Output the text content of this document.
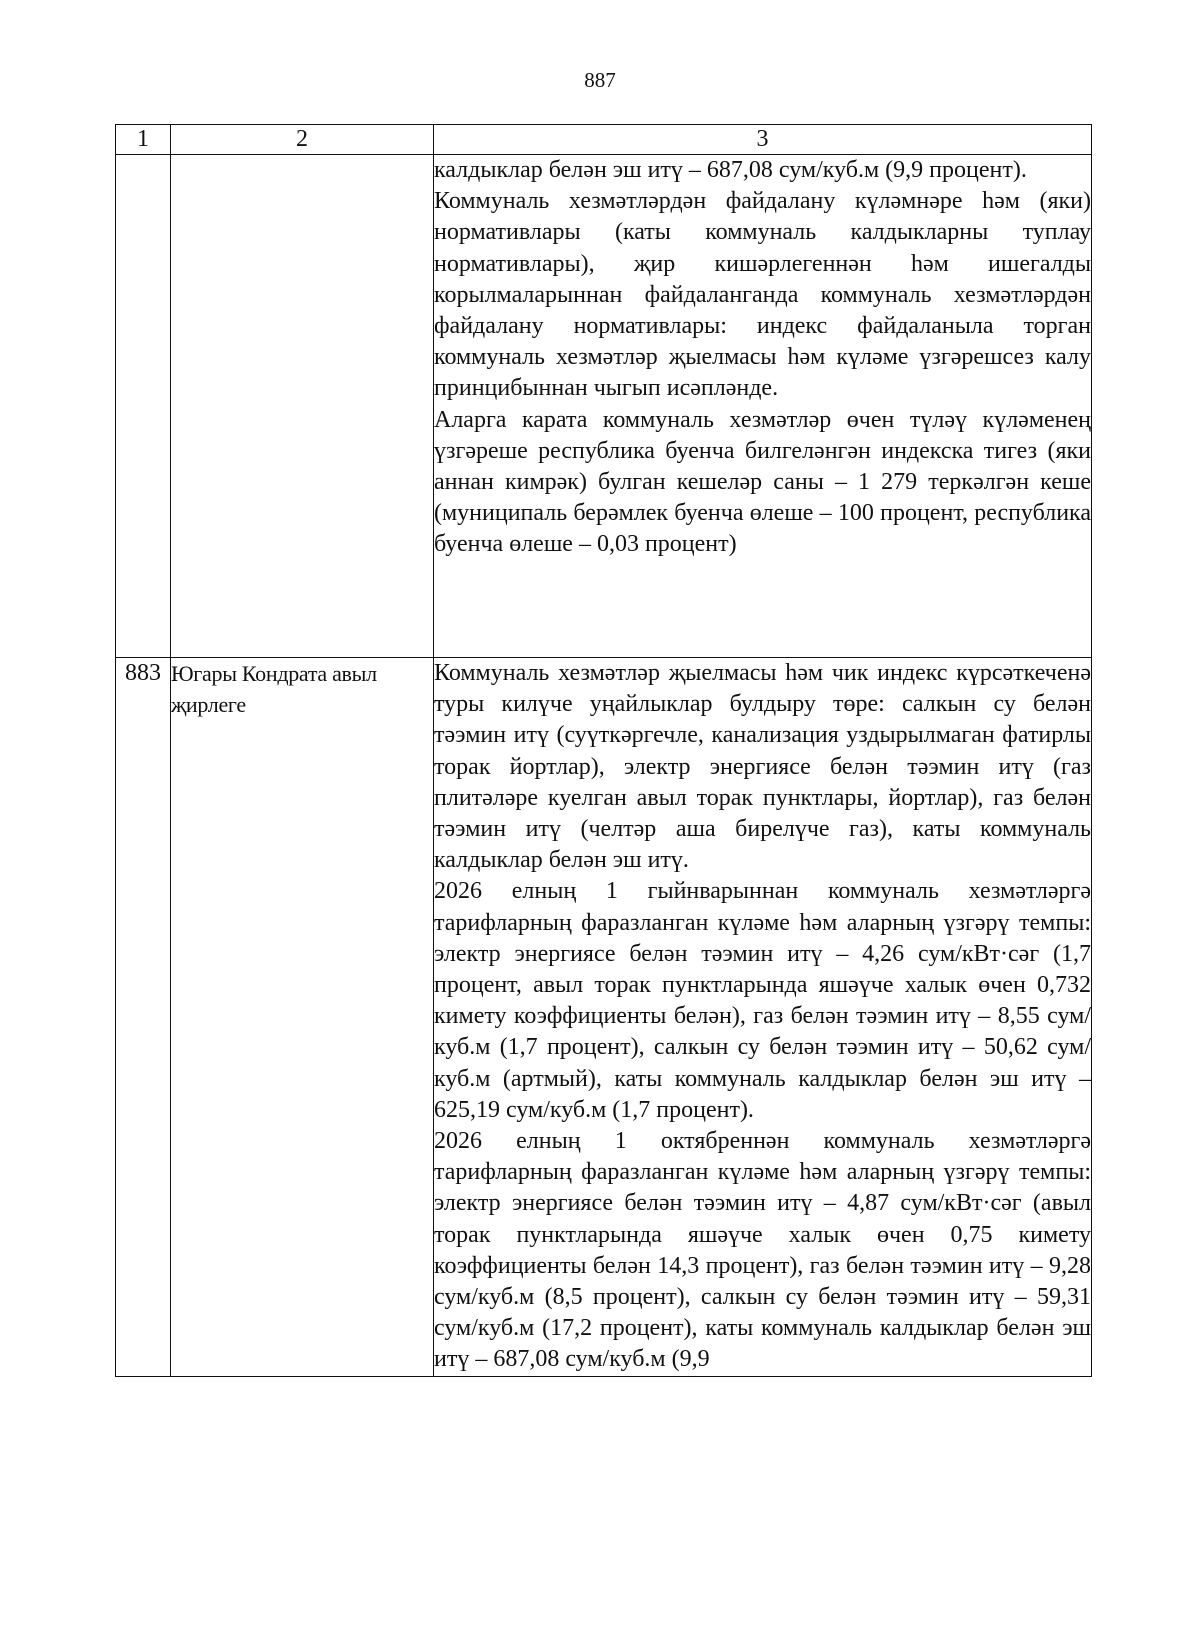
887
1	2	3

		калдыклар белән эш итү – 687,08 сум/куб.м (9,9 процент).
Коммуналь хезмәтләрдән файдалану күләмнәре һәм (яки) нормативлары (каты коммуналь калдыкларны туплау нормативлары), җир кишәрлегеннән һәм ишегалды корылмаларыннан файдаланганда коммуналь хезмәтләрдән файдалану нормативлары: индекс файдаланыла торган коммуналь хезмәтләр җыелмасы һәм күләме үзгәрешсез калу принцибыннан чыгып исәпләнде.
Аларга карата коммуналь хезмәтләр өчен түләү күләменең үзгәреше республика буенча билгеләнгән индекска тигез (яки аннан кимрәк) булган кешеләр саны – 1 279 теркәлгән кеше (муниципаль берәмлек буенча өлеше – 100 процент, республика буенча өлеше – 0,03 процент)

883	Югары Кондрата авыл җирлеге	Коммуналь хезмәтләр җыелмасы һәм чик индекс күрсәткеченә туры килүче уңайлыклар булдыру төре: салкын су белән тәэмин итү (суүткәргечле, канализация уздырылмаган фатирлы торак йортлар), электр энергиясе белән тәэмин итү (газ плитәләре куелган авыл торак пунктлары, йортлар), газ белән тәэмин итү (челтәр аша бирелүче газ), каты коммуналь калдыклар белән эш итү.
2026 елның 1 гыйнварыннан коммуналь хезмәтләргә тарифларның фаразланган күләме һәм аларның үзгәрү темпы: электр энергиясе белән тәэмин итү – 4,26 сум/кВт·сәг (1,7 процент, авыл торак пунктларында яшәүче халык өчен 0,732 кимету коэффициенты белән), газ белән тәэмин итү – 8,55 сум/куб.м (1,7 процент), салкын су белән тәэмин итү – 50,62 сум/куб.м (артмый), каты коммуналь калдыклар белән эш итү – 625,19 сум/куб.м (1,7 процент).
2026 елның 1 октябреннән коммуналь хезмәтләргә тарифларның фаразланган күләме һәм аларның үзгәрү темпы: электр энергиясе белән тәэмин итү – 4,87 сум/кВт·сәг (авыл торак пунктларында яшәүче халык өчен 0,75 кимету коэффициенты белән 14,3 процент), газ белән тәэмин итү – 9,28 сум/куб.м (8,5 процент), салкын су белән тәэмин итү – 59,31 сум/куб.м (17,2 процент), каты коммуналь калдыклар белән эш итү – 687,08 сум/куб.м (9,9
